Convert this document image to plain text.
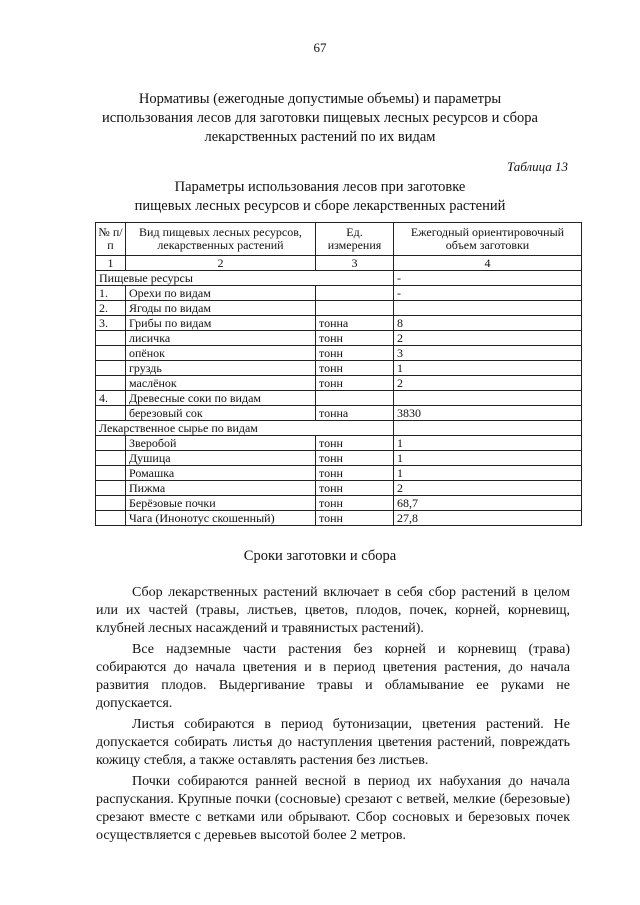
67
Нормативы (ежегодные допустимые объемы) и параметры
использования лесов для заготовки пищевых лесных ресурсов и сбора
лекарственных растений по их видам
Таблица 13
Параметры использования лесов при заготовке
пищевых лесных ресурсов и сборе лекарственных растений
№ п/п	Вид пищевых лесных ресурсов, лекарственных растений	Ед. измерения	Ежегодный ориентировочный объем заготовки
1	2	3	4
Пищевые ресурсы			-
1.	Орехи по видам		-
2.	Ягоды по видам		
3.	Грибы по видам	тонна	8
	лисичка	тонн	2
	опёнок	тонн	3
	груздь	тонн	1
	маслёнок	тонн	2
4.	Древесные соки по видам		
	березовый сок	тонна	3830
Лекарственное сырье по видам			
	Зверобой	тонн	1
	Душица	тонн	1
	Ромашка	тонн	1
	Пижма	тонн	2
	Берёзовые почки	тонн	68,7
	Чага (Инонотус скошенный)	тонн	27,8
Сроки заготовки и сбора

Сбор лекарственных растений включает в себя сбор растений в целом или их частей (травы, листьев, цветов, плодов, почек, корней, корневищ, клубней лесных насаждений и травянистых растений).

Все надземные части растения без корней и корневищ (трава) собираются до начала цветения и в период цветения растения, до начала развития плодов. Выдергивание травы и обламывание ее руками не допускается.

Листья собираются в период бутонизации, цветения растений. Не допускается собирать листья до наступления цветения растений, повреждать кожицу стебля, а также оставлять растения без листьев.

Почки собираются ранней весной в период их набухания до начала распускания. Крупные почки (сосновые) срезают с ветвей, мелкие (березовые) срезают вместе с ветками или обрывают. Сбор сосновых и березовых почек осуществляется с деревьев высотой более 2 метров.
